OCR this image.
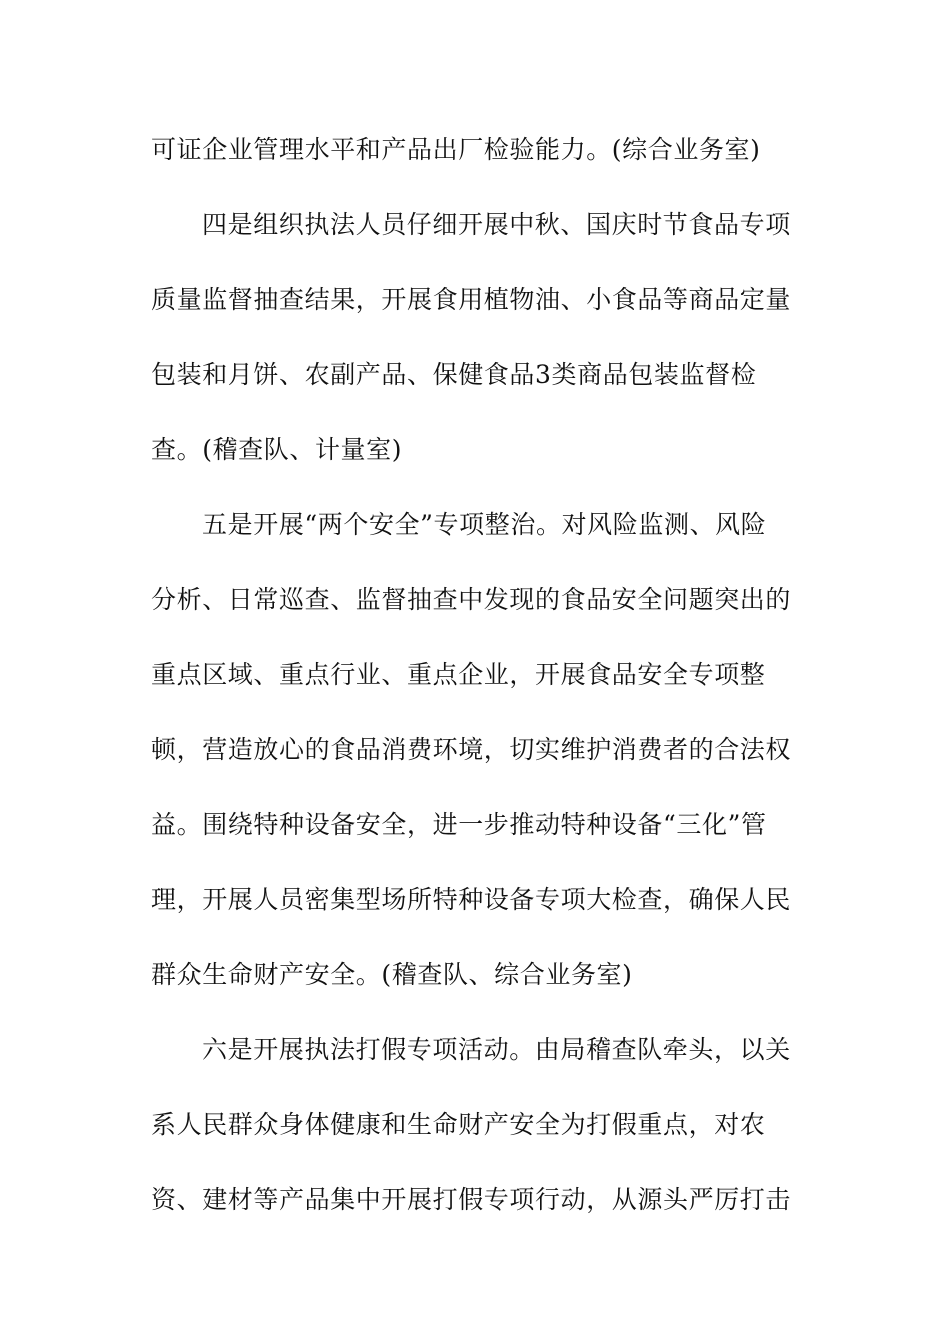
可证企业管理水平和产品出厂检验能力。(综合业务室)
四是组织执法人员仔细开展中秋、国庆时节食品专项
质量监督抽查结果，开展食用植物油、小食品等商品定量
包装和月饼、农副产品、保健食品3类商品包装监督检
查。(稽查队、计量室)
五是开展“两个安全”专项整治。对风险监测、风险
分析、日常巡查、监督抽查中发现的食品安全问题突出的
重点区域、重点行业、重点企业，开展食品安全专项整
顿，营造放心的食品消费环境，切实维护消费者的合法权
益。围绕特种设备安全，进一步推动特种设备“三化”管
理，开展人员密集型场所特种设备专项大检查，确保人民
群众生命财产安全。(稽查队、综合业务室)
六是开展执法打假专项活动。由局稽查队牵头，以关
系人民群众身体健康和生命财产安全为打假重点，对农
资、建材等产品集中开展打假专项行动，从源头严厉打击
